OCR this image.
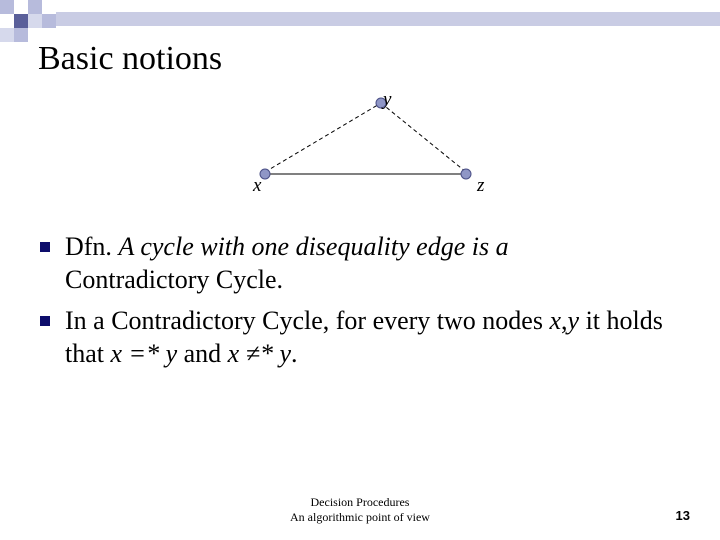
Basic notions
x
y
z
Dfn. A cycle with one disequality edge is a
Contradictory Cycle.
In a Contradictory Cycle, for every two nodes x,y it holds that x =* y and x ≠* y.
Decision Procedures
An algorithmic point of view	13
